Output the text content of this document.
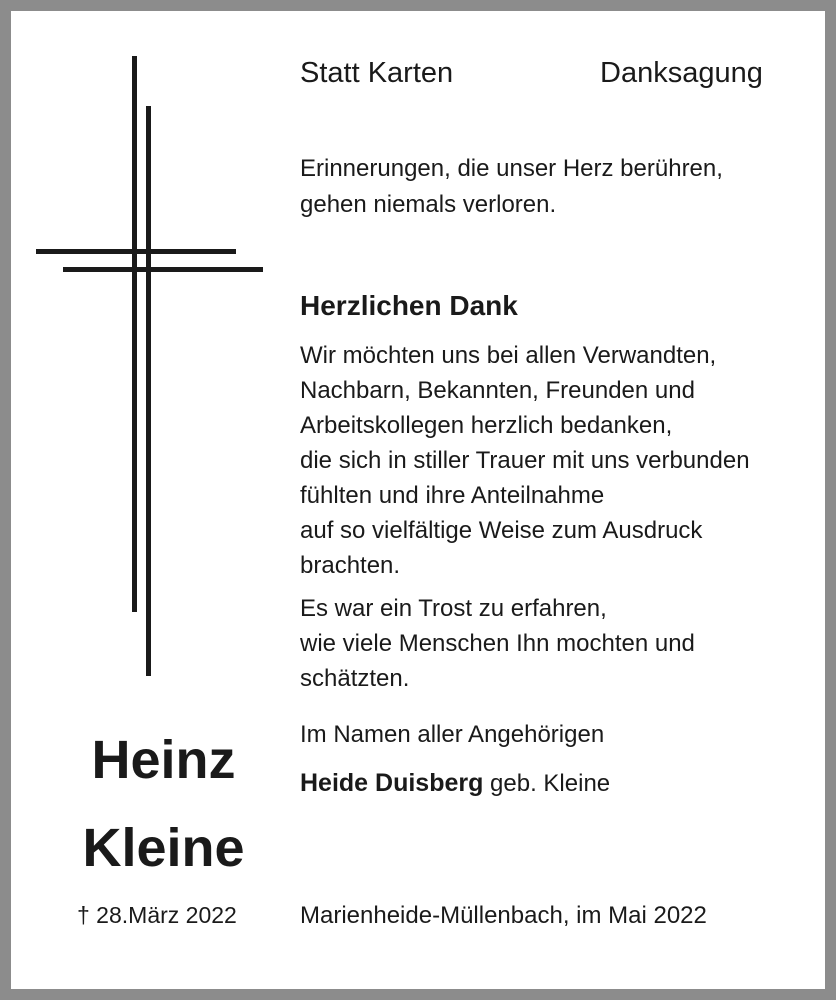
Statt Karten	Danksagung
Erinnerungen, die unser Herz berühren,
gehen niemals verloren.
Herzlichen Dank
Wir möchten uns bei allen Verwandten,
Nachbarn, Bekannten, Freunden und
Arbeitskollegen herzlich bedanken,
die sich in stiller Trauer mit uns verbunden
fühlten und ihre Anteilnahme
auf so vielfältige Weise zum Ausdruck
brachten.
Es war ein Trost zu erfahren,
wie viele Menschen Ihn mochten und
schätzten.
Im Namen aller Angehörigen
Heide Duisberg geb. Kleine
Marienheide-Müllenbach, im Mai 2022
Heinz
Kleine
† 28.März 2022
